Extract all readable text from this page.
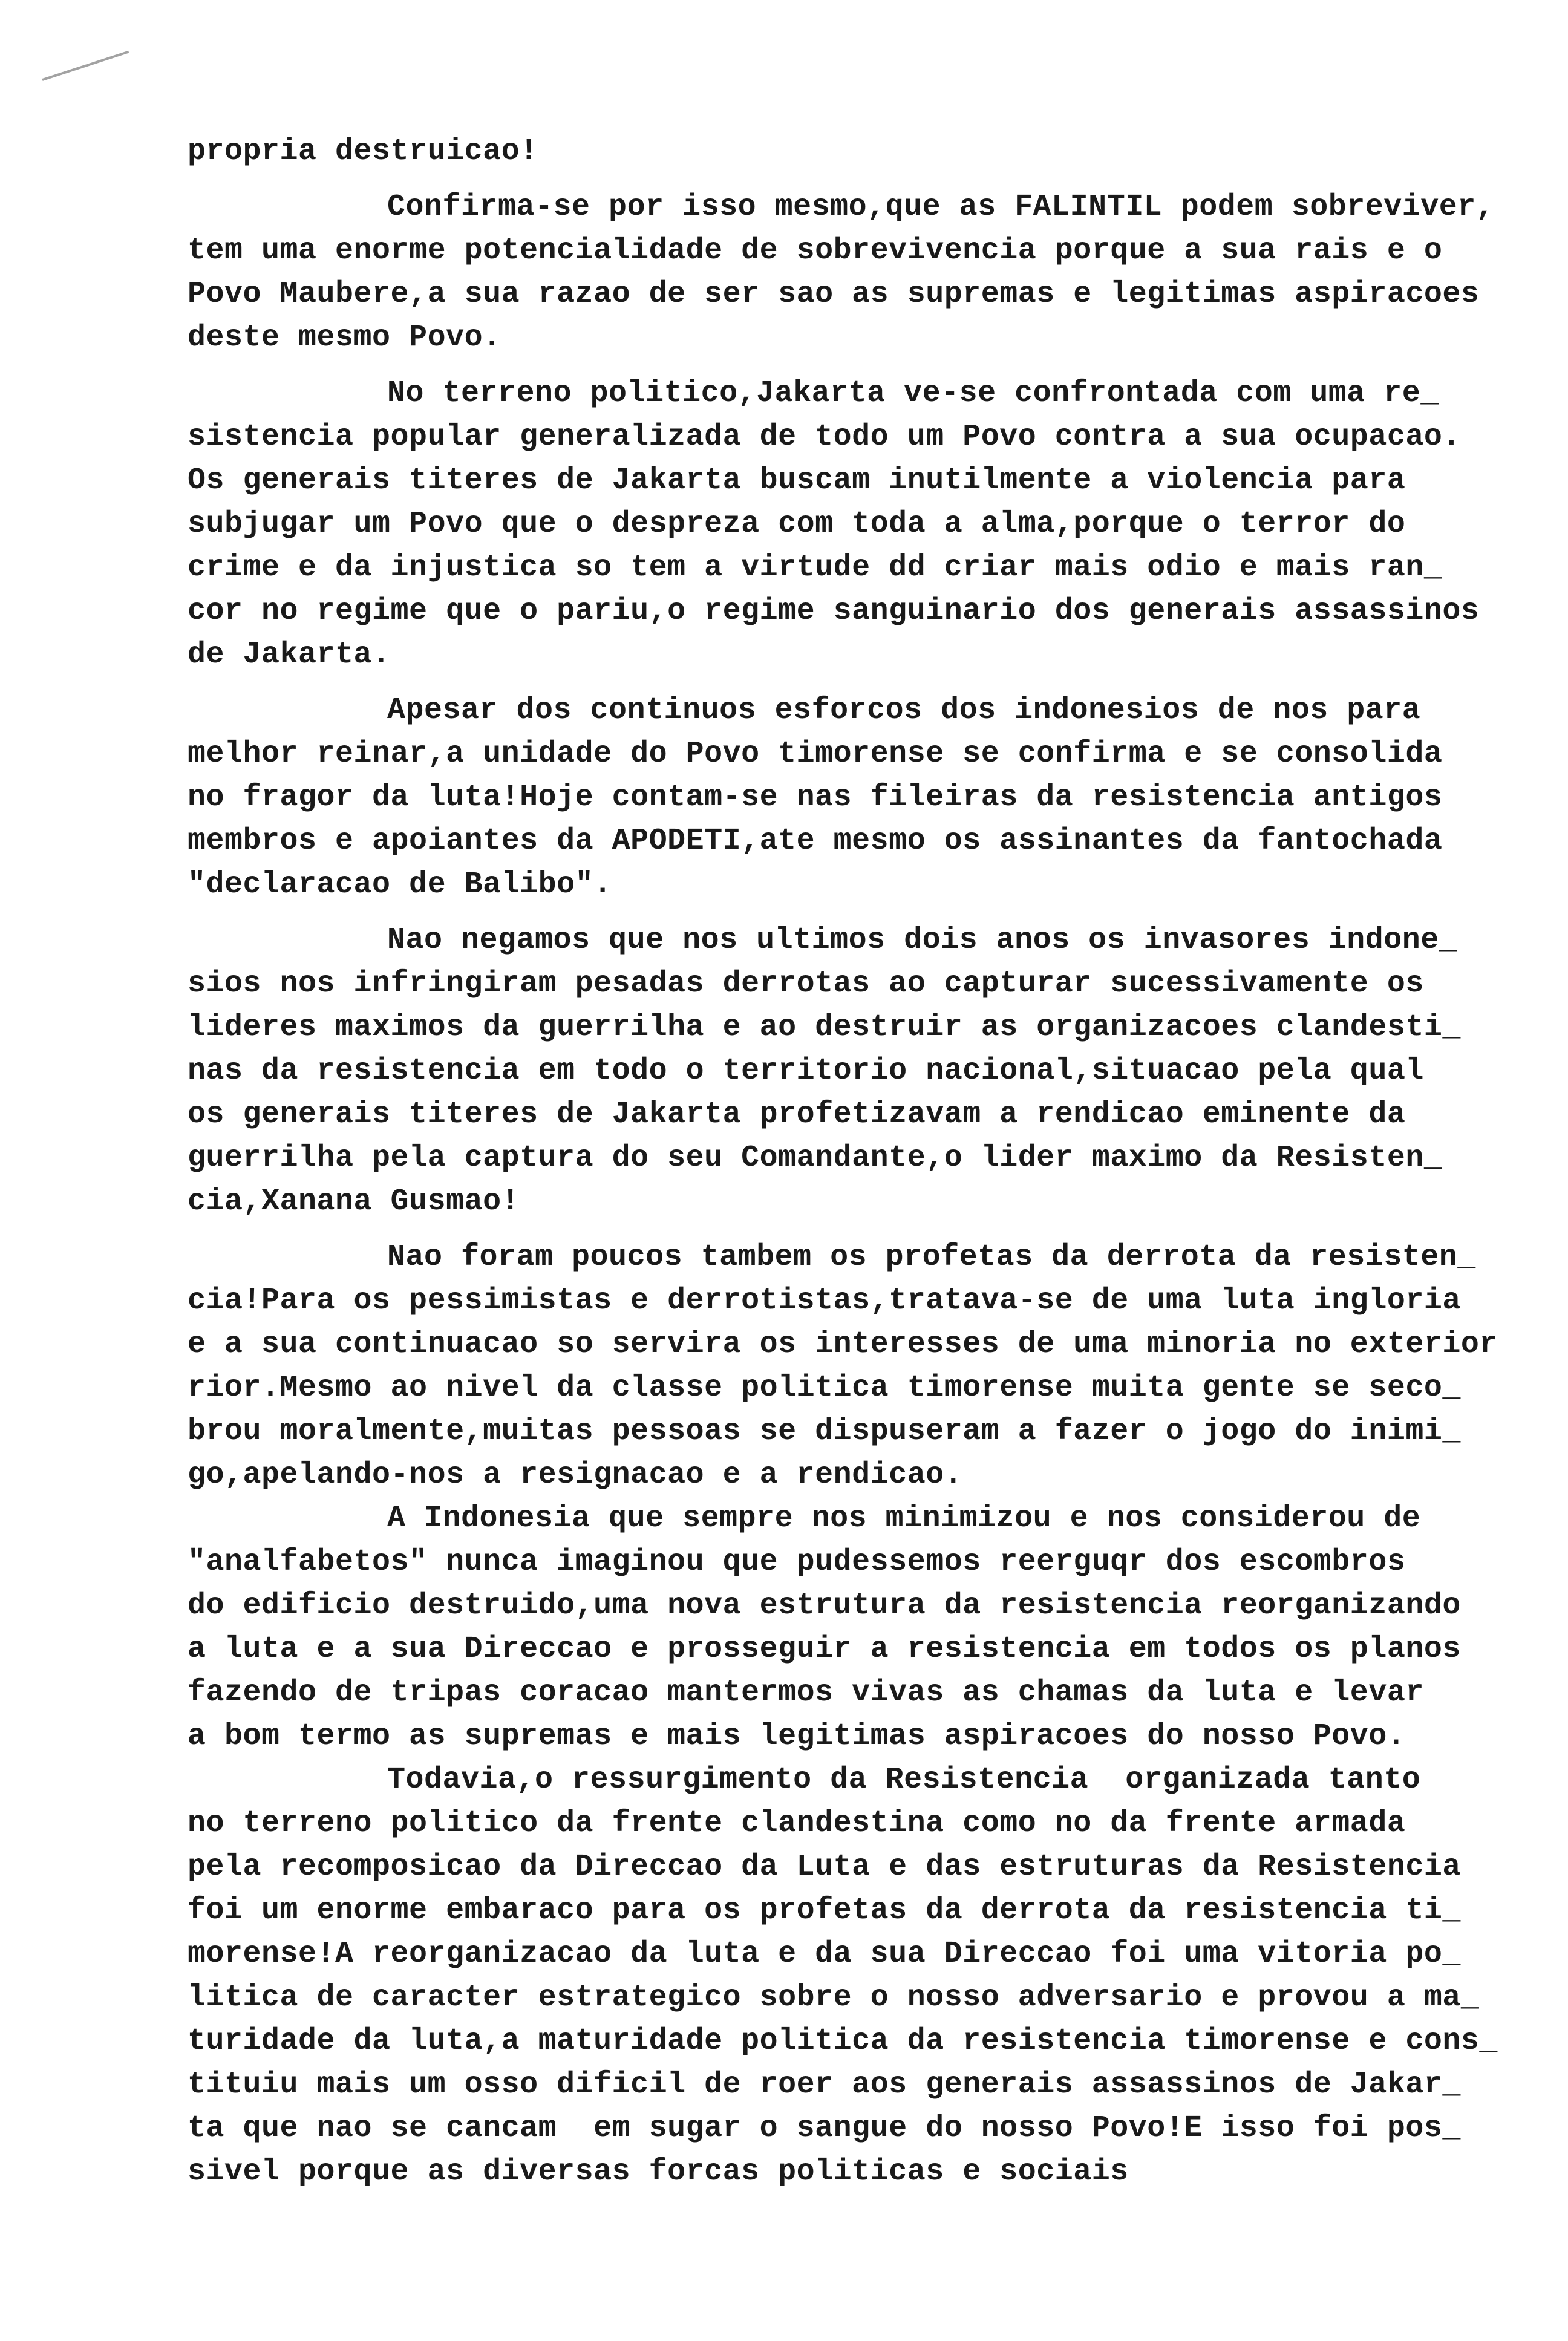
propria destruicao!
Confirma-se por isso mesmo,que as FALINTIL podem sobreviver,
tem uma enorme potencialidade de sobrevivencia porque a sua rais e o
Povo Maubere,a sua razao de ser sao as supremas e legitimas aspiracoes
deste mesmo Povo.
No terreno politico,Jakarta ve-se confrontada com uma re_
sistencia popular generalizada de todo um Povo contra a sua ocupacao.
Os generais titeres de Jakarta buscam inutilmente a violencia para
subjugar um Povo que o despreza com toda a alma,porque o terror do
crime e da injustica so tem a virtude dd criar mais odio e mais ran_
cor no regime que o pariu,o regime sanguinario dos generais assassinos
de Jakarta.
Apesar dos continuos esforcos dos indonesios de nos para
melhor reinar,a unidade do Povo timorense se confirma e se consolida
no fragor da luta!Hoje contam-se nas fileiras da resistencia antigos
membros e apoiantes da APODETI,ate mesmo os assinantes da fantochada
"declaracao de Balibo".
Nao negamos que nos ultimos dois anos os invasores indone_
sios nos infringiram pesadas derrotas ao capturar sucessivamente os
lideres maximos da guerrilha e ao destruir as organizacoes clandesti_
nas da resistencia em todo o territorio nacional,situacao pela qual
os generais titeres de Jakarta profetizavam a rendicao eminente da
guerrilha pela captura do seu Comandante,o lider maximo da Resisten_
cia,Xanana Gusmao!
Nao foram poucos tambem os profetas da derrota da resisten_
cia!Para os pessimistas e derrotistas,tratava-se de uma luta ingloria
e a sua continuacao so servira os interesses de uma minoria no exterior
rior.Mesmo ao nivel da classe politica timorense muita gente se seco_
brou moralmente,muitas pessoas se dispuseram a fazer o jogo do inimi_
go,apelando-nos a resignacao e a rendicao.
A Indonesia que sempre nos minimizou e nos considerou de
"analfabetos" nunca imaginou que pudessemos reerguqr dos escombros
do edificio destruido,uma nova estrutura da resistencia reorganizando
a luta e a sua Direccao e prosseguir a resistencia em todos os planos
fazendo de tripas coracao mantermos vivas as chamas da luta e levar
a bom termo as supremas e mais legitimas aspiracoes do nosso Povo.
Todavia,o ressurgimento da Resistencia  organizada tanto
no terreno politico da frente clandestina como no da frente armada
pela recomposicao da Direccao da Luta e das estruturas da Resistencia
foi um enorme embaraco para os profetas da derrota da resistencia ti_
morense!A reorganizacao da luta e da sua Direccao foi uma vitoria po_
litica de caracter estrategico sobre o nosso adversario e provou a ma_
turidade da luta,a maturidade politica da resistencia timorense e cons_
tituiu mais um osso dificil de roer aos generais assassinos de Jakar_
ta que nao se cancam  em sugar o sangue do nosso Povo!E isso foi pos_
sivel porque as diversas forcas politicas e sociais
